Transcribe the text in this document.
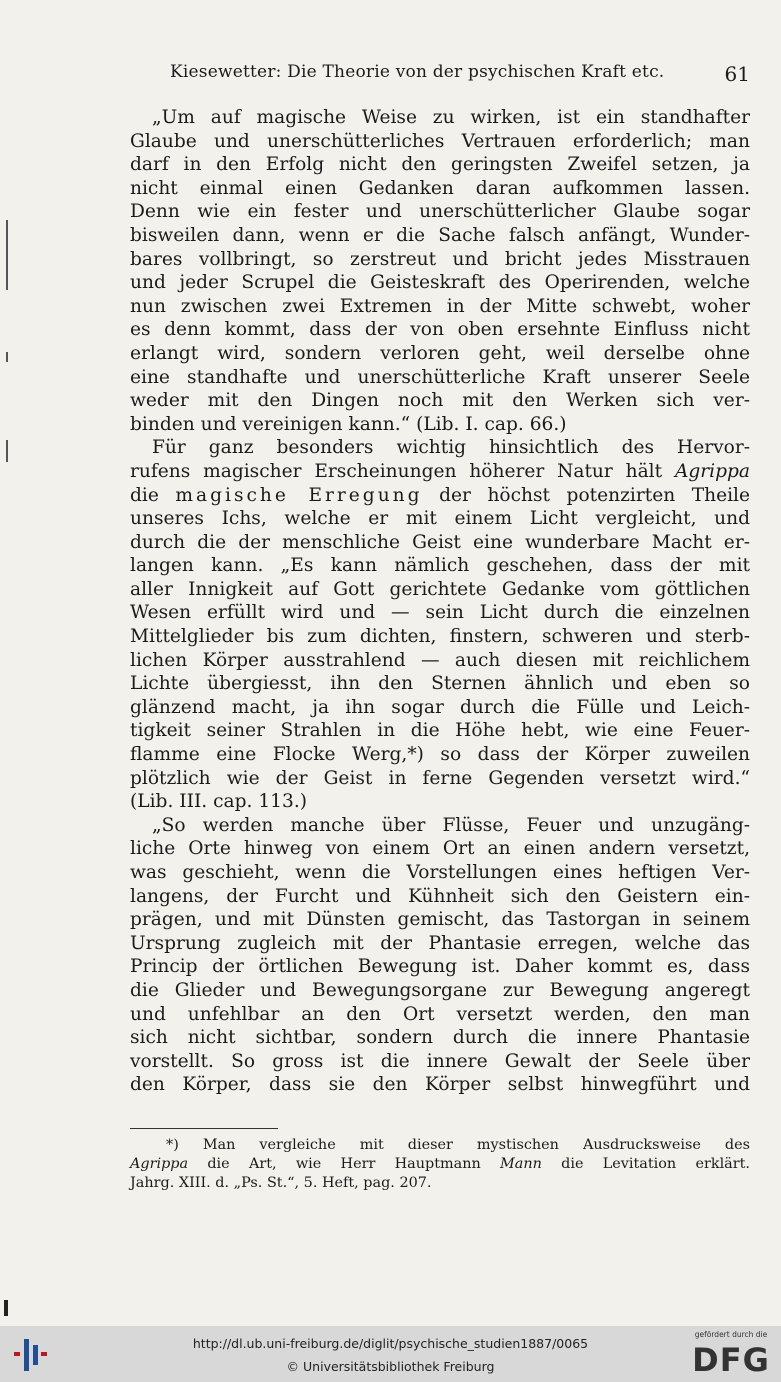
Kiesewetter: Die Theorie von der psychischen Kraft etc.	61
„Um auf magische Weise zu wirken, ist ein standhafter
Glaube und unerschütterliches Vertrauen erforderlich; man
darf in den Erfolg nicht den geringsten Zweifel setzen, ja
nicht einmal einen Gedanken daran aufkommen lassen.
Denn wie ein fester und unerschütterlicher Glaube sogar
bisweilen dann, wenn er die Sache falsch anfängt, Wunder-
bares vollbringt, so zerstreut und bricht jedes Misstrauen
und jeder Scrupel die Geisteskraft des Operirenden, welche
nun zwischen zwei Extremen in der Mitte schwebt, woher
es denn kommt, dass der von oben ersehnte Einfluss nicht
erlangt wird, sondern verloren geht, weil derselbe ohne
eine standhafte und unerschütterliche Kraft unserer Seele
weder mit den Dingen noch mit den Werken sich ver-
binden und vereinigen kann.“ (Lib. I. cap. 66.)
Für ganz besonders wichtig hinsichtlich des Hervor-
rufens magischer Erscheinungen höherer Natur hält Agrippa
die magische Erregung der höchst potenzirten Theile
unseres Ichs, welche er mit einem Licht vergleicht, und
durch die der menschliche Geist eine wunderbare Macht er-
langen kann. „Es kann nämlich geschehen, dass der mit
aller Innigkeit auf Gott gerichtete Gedanke vom göttlichen
Wesen erfüllt wird und — sein Licht durch die einzelnen
Mittelglieder bis zum dichten, finstern, schweren und sterb-
lichen Körper ausstrahlend — auch diesen mit reichlichem
Lichte übergiesst, ihn den Sternen ähnlich und eben so
glänzend macht, ja ihn sogar durch die Fülle und Leich-
tigkeit seiner Strahlen in die Höhe hebt, wie eine Feuer-
flamme eine Flocke Werg,*) so dass der Körper zuweilen
plötzlich wie der Geist in ferne Gegenden versetzt wird.“
(Lib. III. cap. 113.)
„So werden manche über Flüsse, Feuer und unzugäng-
liche Orte hinweg von einem Ort an einen andern versetzt,
was geschieht, wenn die Vorstellungen eines heftigen Ver-
langens, der Furcht und Kühnheit sich den Geistern ein-
prägen, und mit Dünsten gemischt, das Tastorgan in seinem
Ursprung zugleich mit der Phantasie erregen, welche das
Princip der örtlichen Bewegung ist. Daher kommt es, dass
die Glieder und Bewegungsorgane zur Bewegung angeregt
und unfehlbar an den Ort versetzt werden, den man
sich nicht sichtbar, sondern durch die innere Phantasie
vorstellt. So gross ist die innere Gewalt der Seele über
den Körper, dass sie den Körper selbst hinwegführt und
*) Man vergleiche mit dieser mystischen Ausdrucksweise des
Agrippa die Art, wie Herr Hauptmann Mann die Levitation erklärt.
Jahrg. XIII. d. „Ps. St.“, 5. Heft, pag. 207.
http://dl.ub.uni-freiburg.de/diglit/psychische_studien1887/0065
© Universitätsbibliothek Freiburg
gefördert durch die
DFG
